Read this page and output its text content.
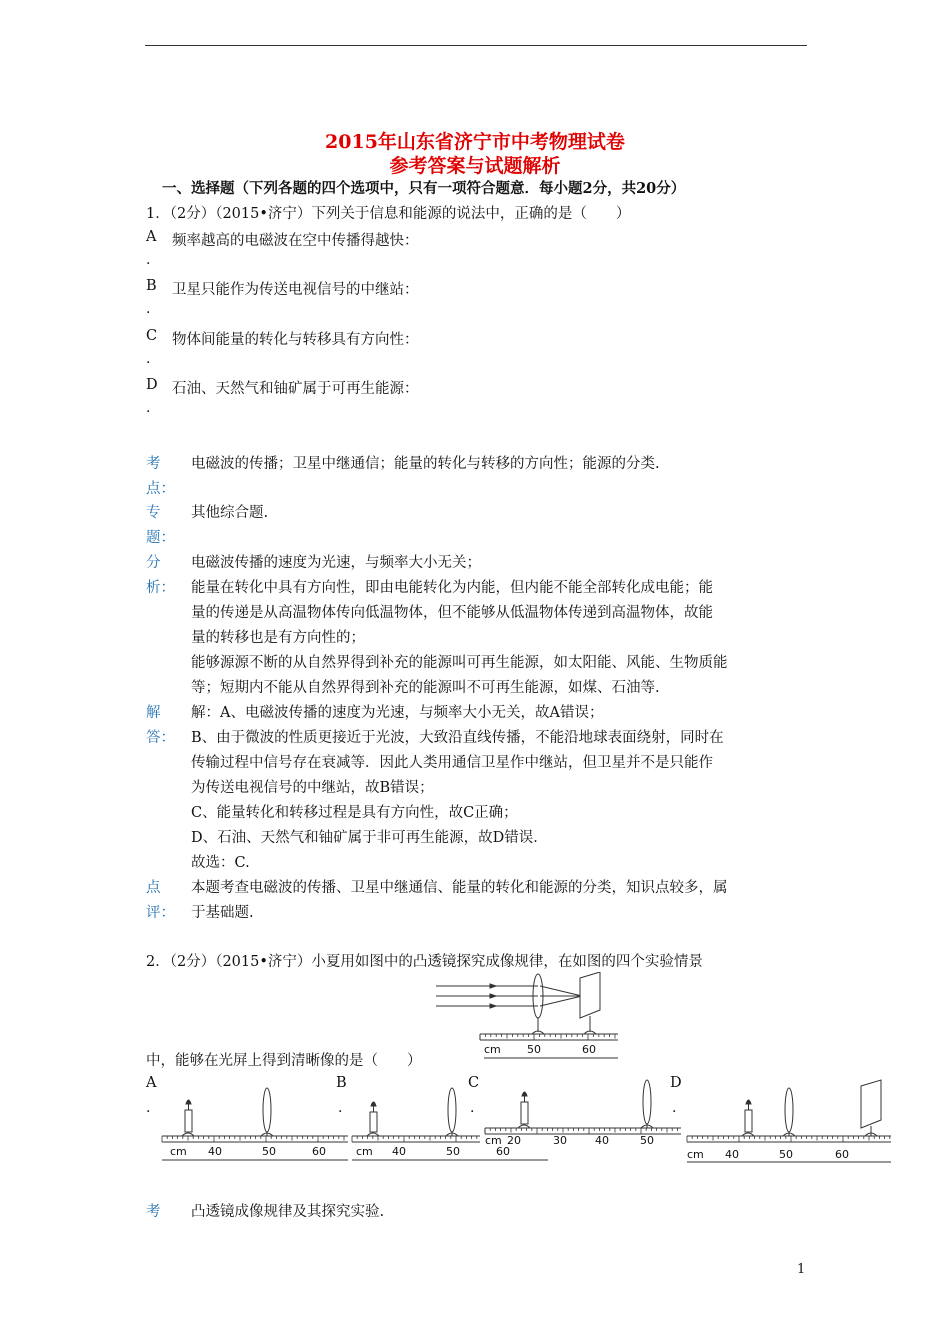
2015年山东省济宁市中考物理试卷
参考答案与试题解析
一、选择题（下列各题的四个选项中，只有一项符合题意．每小题2分，共20分）
1．（2分）（2015•济宁）下列关于信息和能源的说法中，正确的是（　　）
A 频率越高的电磁波在空中传播得越快：
.
B 卫星只能作为传送电视信号的中继站：
.
C 物体间能量的转化与转移具有方向性：
.
D 石油、天然气和铀矿属于可再生能源：
.
考
点：
电磁波的传播；卫星中继通信；能量的转化与转移的方向性；能源的分类.
专
题：
其他综合题.
分
析：
电磁波传播的速度为光速，与频率大小无关；
能量在转化中具有方向性，即由电能转化为内能，但内能不能全部转化成电能；能
量的传递是从高温物体传向低温物体，但不能够从低温物体传递到高温物体，故能
量的转移也是有方向性的；
能够源源不断的从自然界得到补充的能源叫可再生能源，如太阳能、风能、生物质能
等；短期内不能从自然界得到补充的能源叫不可再生能源，如煤、石油等.
解
答：
解：A、电磁波传播的速度为光速，与频率大小无关，故A错误；
B、由于微波的性质更接近于光波，大致沿直线传播，不能沿地球表面绕射，同时在
传输过程中信号存在衰减等．因此人类用通信卫星作中继站，但卫星并不是只能作
为传送电视信号的中继站，故B错误；
C、能量转化和转移过程是具有方向性，故C正确；
D、石油、天然气和铀矿属于非可再生能源，故D错误．
故选：C.
点
评：
本题考查电磁波的传播、卫星中继通信、能量的转化和能源的分类，知识点较多，属
于基础题.
2．（2分）（2015•济宁）小夏用如图中的凸透镜探究成像规律，在如图的四个实验情景
cm 50	60
中，能够在光屏上得到清晰像的是（　　）
A
.
B
.
C
.
D
.
cm 40	50	60	cm 40	50	60
cm 20	30	40	50
cm 40	50	60
考 凸透镜成像规律及其探究实验.
1
